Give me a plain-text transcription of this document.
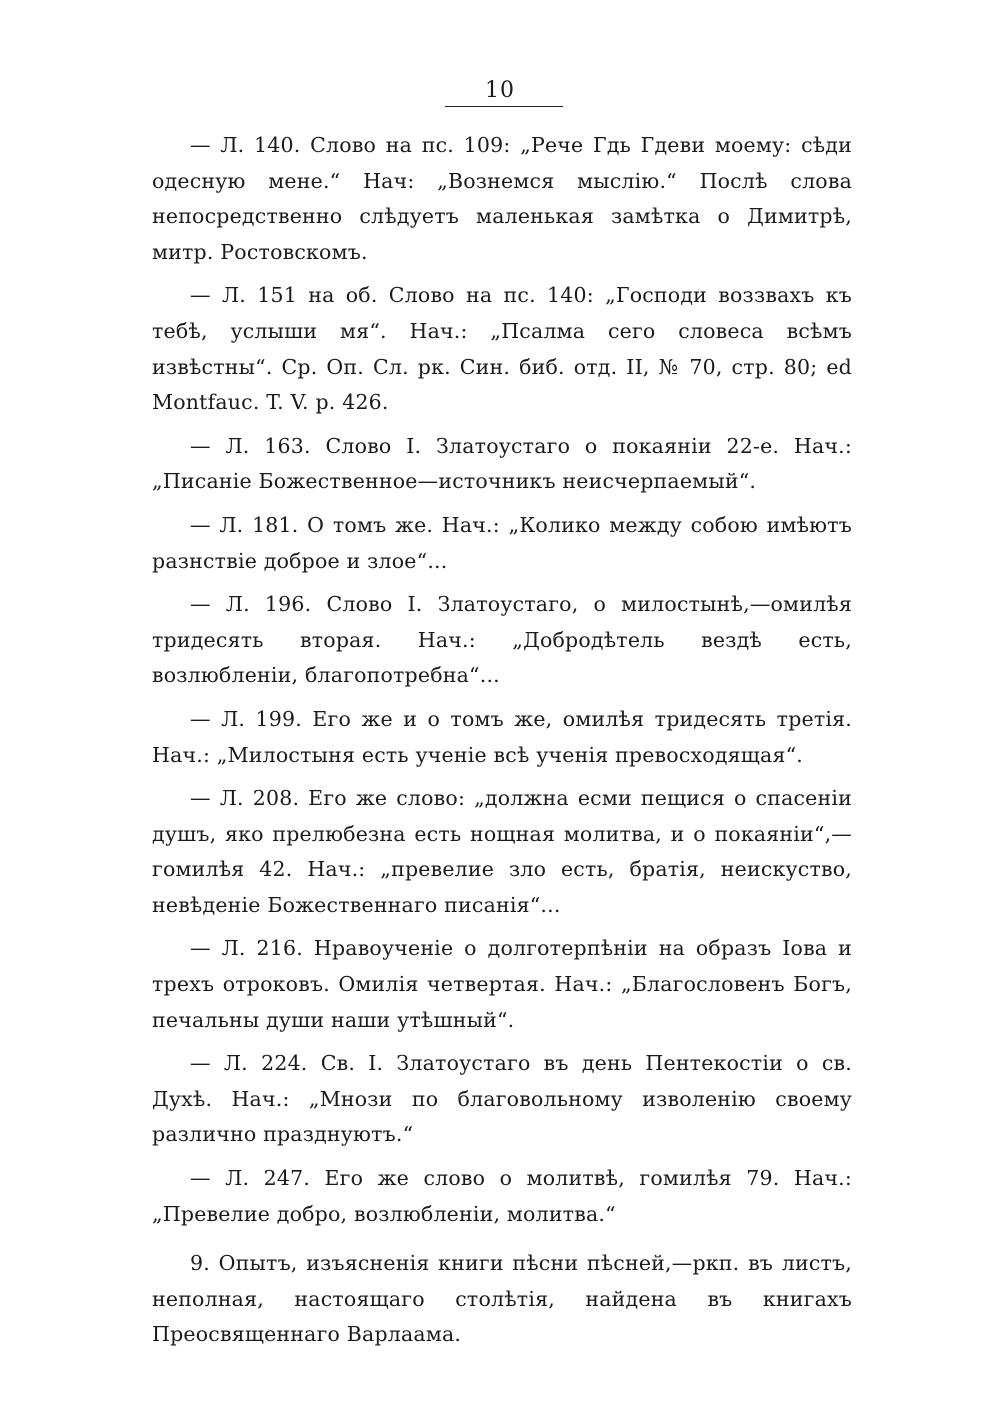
10

— Л. 140. Слово на пс. 109: „Рече Гдь Гдеви моему: сѣди одесную мене.“ Нач: „Вознемся мыслію.“ Послѣ слова непосредственно слѣдуетъ маленькая замѣтка о Димитрѣ, митр. Ростовскомъ.

— Л. 151 на об. Слово на пс. 140: „Господи воззвахъ къ тебѣ, услыши мя“. Нач.: „Псалма сего словеса всѣмъ извѣстны“. Ср. Оп. Сл. рк. Син. биб. отд. II, № 70, стр. 80; ed Montfauc. T. V. p. 426.

— Л. 163. Слово I. Златоустаго о покаяніи 22-е. Нач.: „Писаніе Божественное—источникъ неисчерпаемый“.

— Л. 181. О томъ же. Нач.: „Колико между собою имѣютъ разнствіе доброе и злое“...

— Л. 196. Слово I. Златоустаго, о милостынѣ,—омилѣя тридесять вторая. Нач.: „Добродѣтель вездѣ есть, возлюбленіи, благопотребна“...

— Л. 199. Его же и о томъ же, омилѣя тридесять третія. Нач.: „Милостыня есть ученіе всѣ ученія превосходящая“.

— Л. 208. Его же слово: „должна есми пещися о спасеніи душъ, яко прелюбезна есть нощная молитва, и о покаяніи“,—гомилѣя 42. Нач.: „превелие зло есть, братія, неискуство, невѣденіе Божественнаго писанія“...

— Л. 216. Нравоученіе о долготерпѣніи на образъ Іова и трехъ отроковъ. Омилія четвертая. Нач.: „Благословенъ Богъ, печальны души наши утѣшный“.

— Л. 224. Св. I. Златоустаго въ день Пентекостіи о св. Духѣ. Нач.: „Мнози по благовольному изволенію своему различно празднуютъ.“

— Л. 247. Его же слово о молитвѣ, гомилѣя 79. Нач.: „Превелие добро, возлюбленіи, молитва.“

9. Опытъ, изъясненія книги пѣсни пѣсней,—ркп. въ листъ, неполная, настоящаго столѣтія, найдена въ книгахъ Преосвященнаго Варлаама.
